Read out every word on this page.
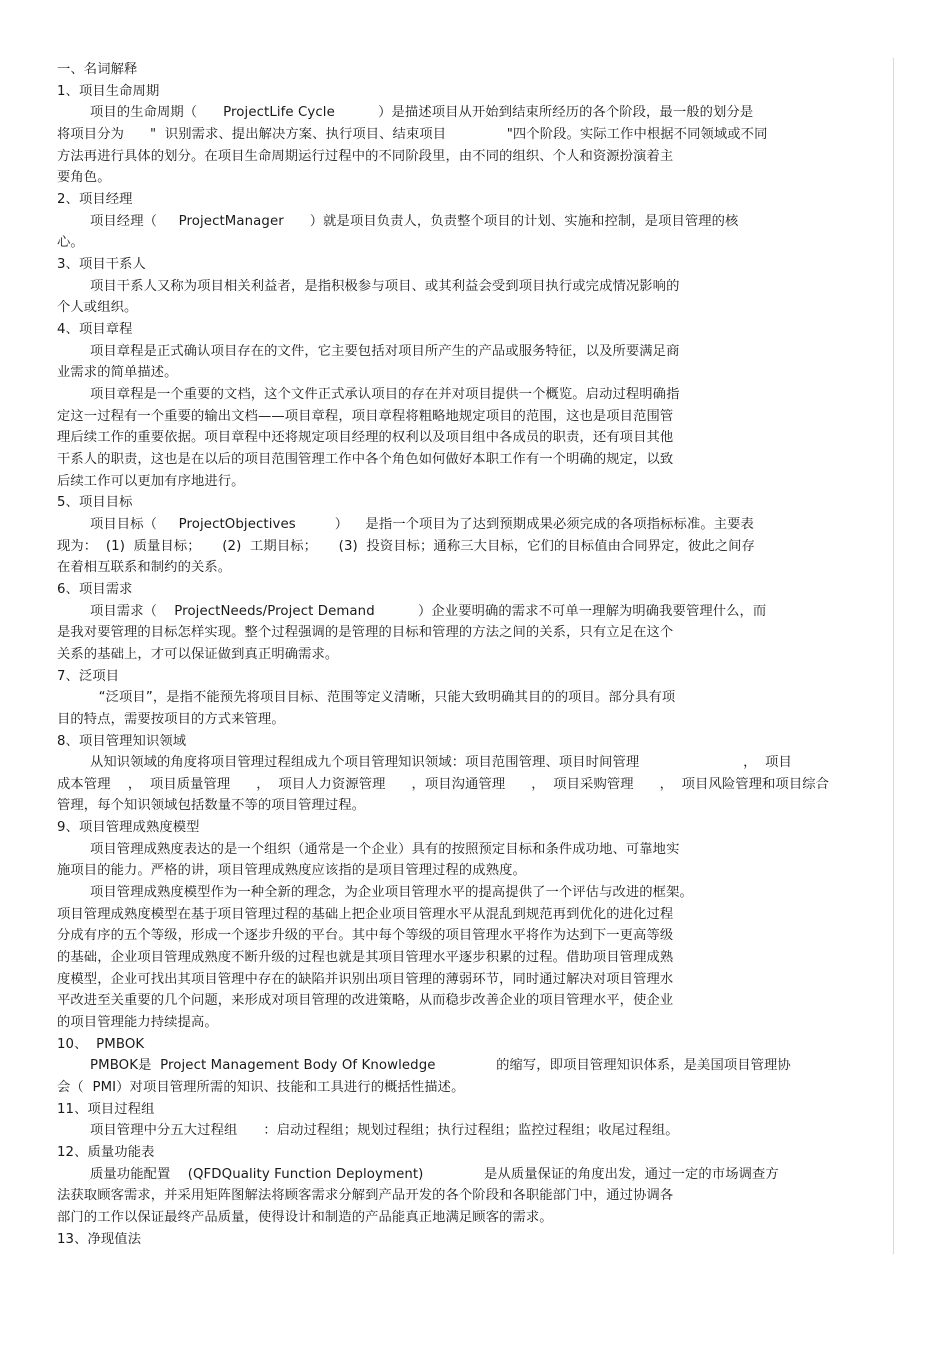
一、名词解释

1、项目生命周期

项目的生命周期（      ProjectLife Cycle          ）是描述项目从开始到结束所经历的各个阶段，最一般的划分是

将项目分为      "  识别需求、提出解决方案、执行项目、结束项目              "四个阶段。实际工作中根据不同领域或不同

方法再进行具体的划分。在项目生命周期运行过程中的不同阶段里，由不同的组织、个人和资源扮演着主

要角色。

2、项目经理

项目经理（     ProjectManager      ）就是项目负责人，负责整个项目的计划、实施和控制，是项目管理的核

心。

3、项目干系人

项目干系人又称为项目相关利益者，是指积极参与项目、或其利益会受到项目执行或完成情况影响的

个人或组织。

4、项目章程

项目章程是正式确认项目存在的文件，它主要包括对项目所产生的产品或服务特征，以及所要满足商

业需求的简单描述。

项目章程是一个重要的文档，这个文件正式承认项目的存在并对项目提供一个概览。启动过程明确指

定这一过程有一个重要的输出文档——项目章程，项目章程将粗略地规定项目的范围，这也是项目范围管

理后续工作的重要依据。项目章程中还将规定项目经理的权利以及项目组中各成员的职责，还有项目其他

干系人的职责，这也是在以后的项目范围管理工作中各个角色如何做好本职工作有一个明确的规定，以致

后续工作可以更加有序地进行。

5、项目目标

项目目标（     ProjectObjectives         ）    是指一个项目为了达到预期成果必须完成的各项指标标准。主要表

现为：  (1)  质量目标；     (2)  工期目标；     (3)  投资目标；通称三大目标，它们的目标值由合同界定，彼此之间存

在着相互联系和制约的关系。

6、项目需求

项目需求（    ProjectNeeds/Project Demand          ）企业要明确的需求不可单一理解为明确我要管理什么，而

是我对要管理的目标怎样实现。整个过程强调的是管理的目标和管理的方法之间的关系，只有立足在这个

关系的基础上，才可以保证做到真正明确需求。

7、泛项目

“泛项目”，是指不能预先将项目目标、范围等定义清晰，只能大致明确其目的的项目。部分具有项

目的特点，需要按项目的方式来管理。

8、项目管理知识领域

从知识领域的角度将项目管理过程组成九个项目管理知识领域：项目范围管理、项目时间管理                        ，  项目

成本管理    ，  项目质量管理      ，  项目人力资源管理      ，项目沟通管理      ，  项目采购管理      ，  项目风险管理和项目综合

管理，每个知识领域包括数量不等的项目管理过程。

9、项目管理成熟度模型

项目管理成熟度表达的是一个组织（通常是一个企业）具有的按照预定目标和条件成功地、可靠地实

施项目的能力。严格的讲，项目管理成熟度应该指的是项目管理过程的成熟度。

项目管理成熟度模型作为一种全新的理念，为企业项目管理水平的提高提供了一个评估与改进的框架。

项目管理成熟度模型在基于项目管理过程的基础上把企业项目管理水平从混乱到规范再到优化的进化过程

分成有序的五个等级，形成一个逐步升级的平台。其中每个等级的项目管理水平将作为达到下一更高等级

的基础，企业项目管理成熟度不断升级的过程也就是其项目管理水平逐步积累的过程。借助项目管理成熟

度模型，企业可找出其项目管理中存在的缺陷并识别出项目管理的薄弱环节，同时通过解决对项目管理水

平改进至关重要的几个问题，来形成对项目管理的改进策略，从而稳步改善企业的项目管理水平，使企业

的项目管理能力持续提高。

10、  PMBOK

PMBOK是  Project Management Body Of Knowledge              的缩写，即项目管理知识体系，是美国项目管理协

会（  PMI）对项目管理所需的知识、技能和工具进行的概括性描述。

11、项目过程组

项目管理中分五大过程组      ：启动过程组；规划过程组；执行过程组；监控过程组；收尾过程组。

12、质量功能表

质量功能配置    (QFDQuality Function Deployment)              是从质量保证的角度出发，通过一定的市场调查方

法获取顾客需求，并采用矩阵图解法将顾客需求分解到产品开发的各个阶段和各职能部门中，通过协调各

部门的工作以保证最终产品质量，使得设计和制造的产品能真正地满足顾客的需求。

13、净现值法
